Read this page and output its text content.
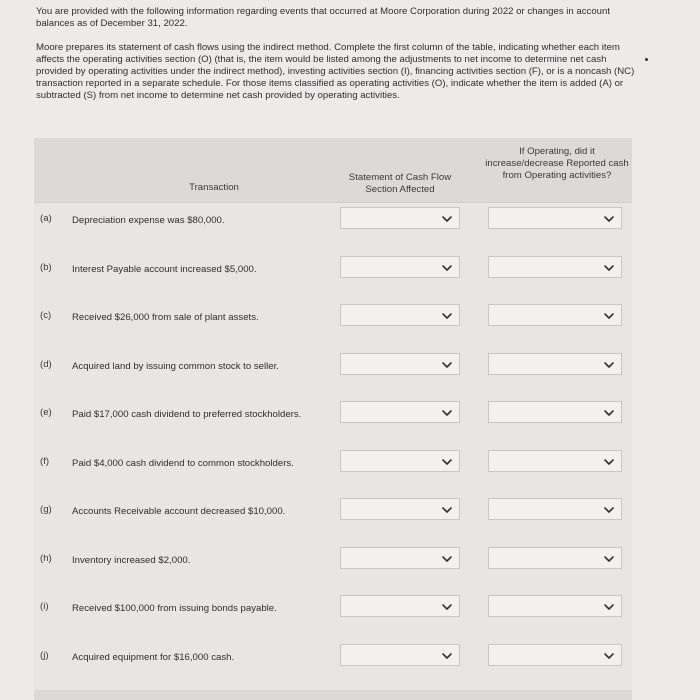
You are provided with the following information regarding events that occurred at Moore Corporation during 2022 or changes in account balances as of December 31, 2022.

Moore prepares its statement of cash flows using the indirect method. Complete the first column of the table, indicating whether each item affects the operating activities section (O) (that is, the item would be listed among the adjustments to net income to determine net cash provided by operating activities under the indirect method), investing activities section (I), financing activities section (F), or is a noncash (NC) transaction reported in a separate schedule. For those items classified as operating activities (O), indicate whether the item is added (A) or subtracted (S) from net income to determine net cash provided by operating activities.

Transaction
Statement of Cash Flow Section Affected
If Operating, did it increase/decrease Reported cash from Operating activities?
(a) Depreciation expense was $80,000.
(b) Interest Payable account increased $5,000.
(c) Received $26,000 from sale of plant assets.
(d) Acquired land by issuing common stock to seller.
(e) Paid $17,000 cash dividend to preferred stockholders.
(f) Paid $4,000 cash dividend to common stockholders.
(g) Accounts Receivable account decreased $10,000.
(h) Inventory increased $2,000.
(i) Received $100,000 from issuing bonds payable.
(j) Acquired equipment for $16,000 cash.
